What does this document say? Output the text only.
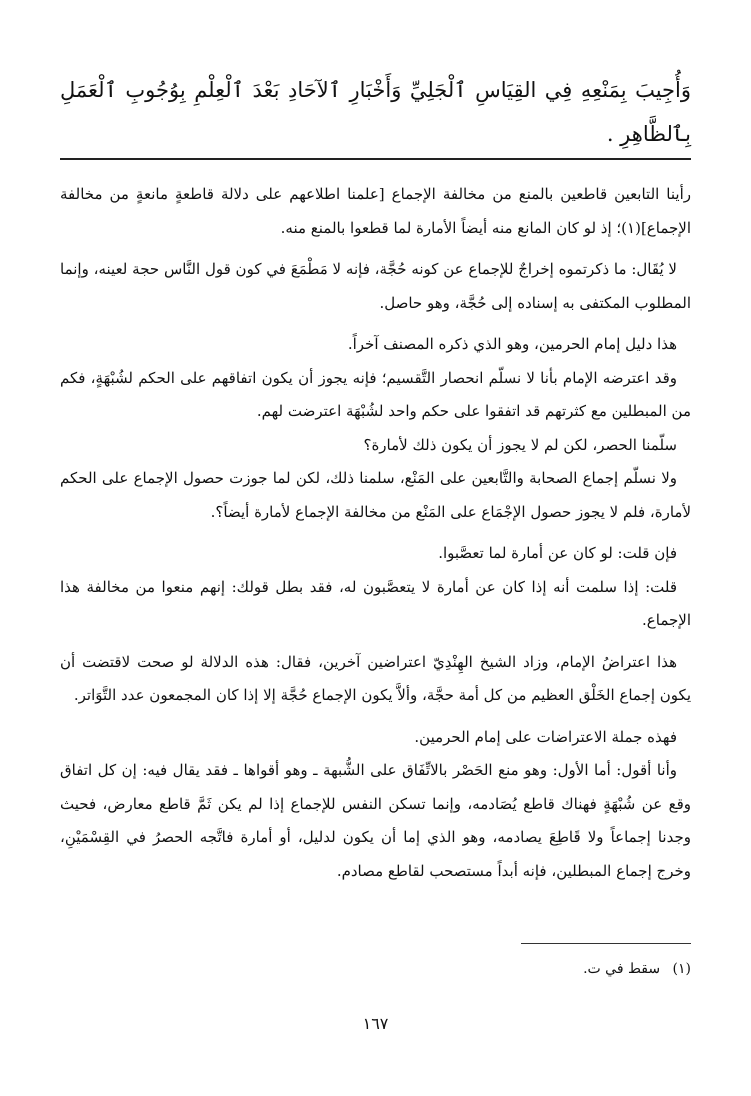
وَأُجِيبَ بِمَنْعِهِ فِي القِيَاسِ ٱلْجَلِيِّ وَأَخْبَارِ ٱلآحَادِ بَعْدَ ٱلْعِلْمِ بِوُجُوبِ ٱلْعَمَلِ بِٱلظَّاهِرِ .

رأينا التابعين قاطعين بالمنع من مخالفة الإجماع [علمنا اطلاعهم على دلالة قاطعةٍ مانعةٍ من مخالفة الإجماع](١)؛ إذ لو كان المانع منه أيضاً الأمارة لما قطعوا بالمنع منه.

لا يُقَال: ما ذكرتموه إخراجٌ للإجماع عن كونه حُجَّة، فإنه لا مَطْمَعَ في كون قول النَّاس حجة لعينه، وإنما المطلوب المكتفى به إسناده إلى حُجَّة، وهو حاصل.

هذا دليل إمام الحرمين، وهو الذي ذكره المصنف آخراً.

وقد اعترضه الإمام بأنا لا نسلّم انحصار التَّقسيم؛ فإنه يجوز أن يكون اتفاقهم على الحكم لشُبْهَةٍ، فكم من المبطلين مع كثرتهم قد اتفقوا على حكم واحد لشُبْهَة اعترضت لهم.

سلّمنا الحصر، لكن لم لا يجوز أن يكون ذلك لأمارة؟

ولا نسلّم إجماع الصحابة والتَّابعين على المَنْع، سلمنا ذلك، لكن لما جوزت حصول الإجماع على الحكم لأمارة، فلم لا يجوز حصول الإجْمَاع على المَنْع من مخالفة الإجماع لأمارة أيضاً؟.

فإن قلت: لو كان عن أمارة لما تعصَّبوا.

قلت: إذا سلمت أنه إذا كان عن أمارة لا يتعصَّبون له، فقد بطل قولك: إنهم منعوا من مخالفة هذا الإجماع.

هذا اعتراضُ الإمام، وزاد الشيخ الهِنْدِيّ اعتراضين آخرين، فقال: هذه الدلالة لو صحت لاقتضت أن يكون إجماع الخَلْق العظيم من كل أمة حجَّة، وألاَّ يكون الإجماع حُجَّة إلا إذا كان المجمعون عدد التَّوَاتر.

فهذه جملة الاعتراضات على إمام الحرمين.

وأنا أقول: أما الأول: وهو منع الحَصْر بالاتِّفَاق على الشُّبهة ـ وهو أقواها ـ فقد يقال فيه: إن كل اتفاق وقع عن شُبْهَةٍ فهناك قاطع يُصَادمه، وإنما تسكن النفس للإجماع إذا لم يكن ثَمَّ قاطع معارض، فحيث وجدنا إجماعاً ولا قَاطِعَ يصادمه، وهو الذي إما أن يكون لدليل، أو أمارة فاتَّجه الحصرُ في القِسْمَيْنِ، وخرج إجماع المبطلين، فإنه أبداً مستصحب لقاطع مصادم.

(١) سقط في ت.
١٦٧
